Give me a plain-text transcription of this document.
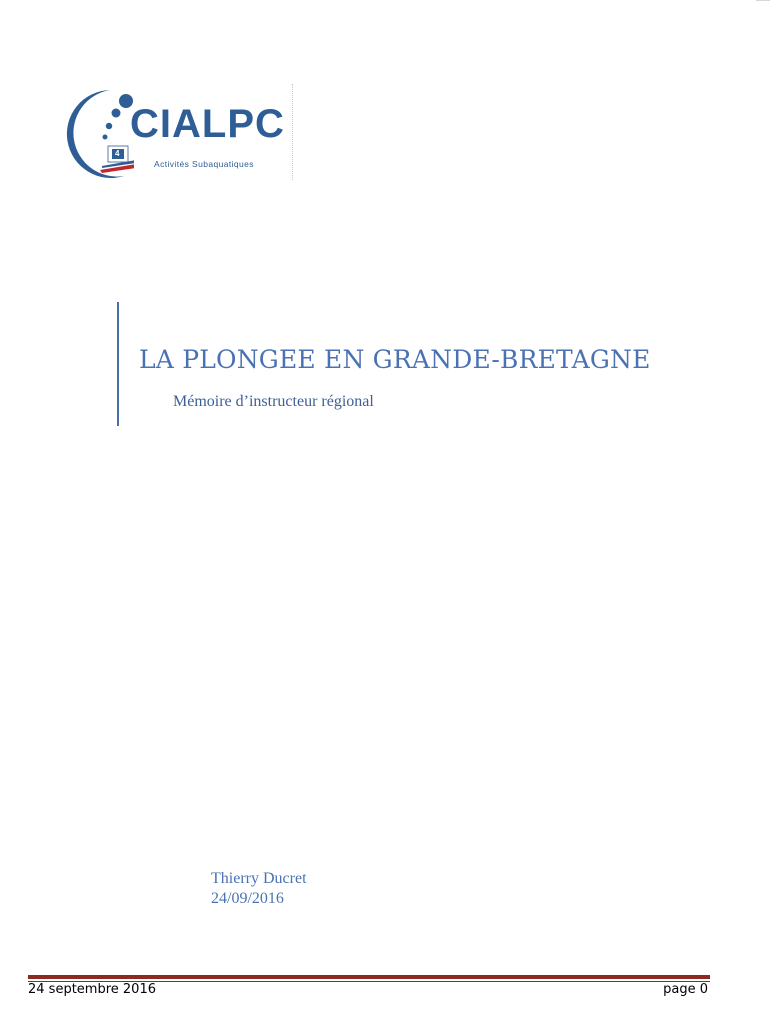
4
CIALPC
Activités Subaquatiques
LA PLONGEE EN GRANDE-BRETAGNE
Mémoire d’instructeur régional
Thierry Ducret
24/09/2016
24 septembre 2016	page 0
